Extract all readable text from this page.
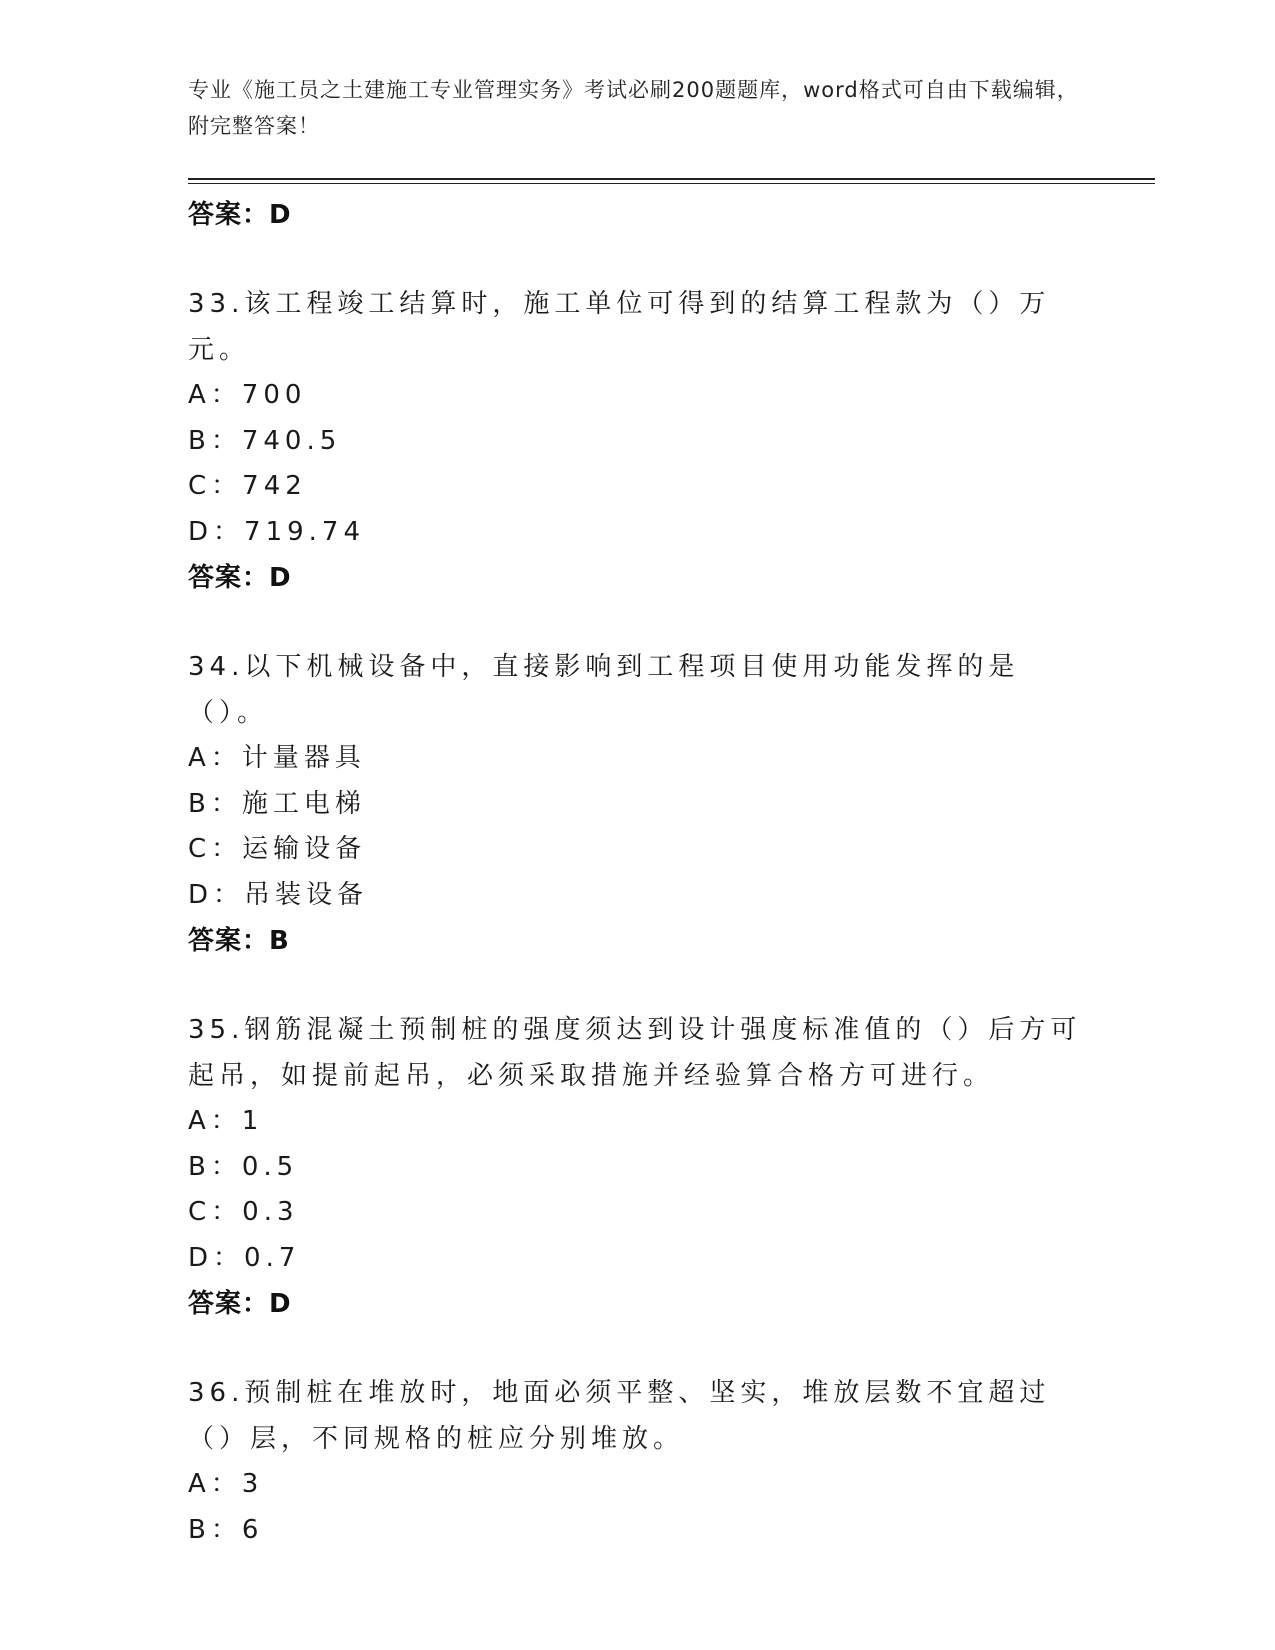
专业《施工员之土建施工专业管理实务》考试必刷200题题库，word格式可自由下载编辑，附完整答案！
答案：D
33.该工程竣工结算时，施工单位可得到的结算工程款为（）万元。
A：700
B：740.5
C：742
D：719.74
答案：D
34.以下机械设备中，直接影响到工程项目使用功能发挥的是（）。
A：计量器具
B：施工电梯
C：运输设备
D：吊装设备
答案：B
35.钢筋混凝土预制桩的强度须达到设计强度标准值的（）后方可起吊，如提前起吊，必须采取措施并经验算合格方可进行。
A：1
B：0.5
C：0.3
D：0.7
答案：D
36.预制桩在堆放时，地面必须平整、坚实，堆放层数不宜超过（）层，不同规格的桩应分别堆放。
A：3
B：6
